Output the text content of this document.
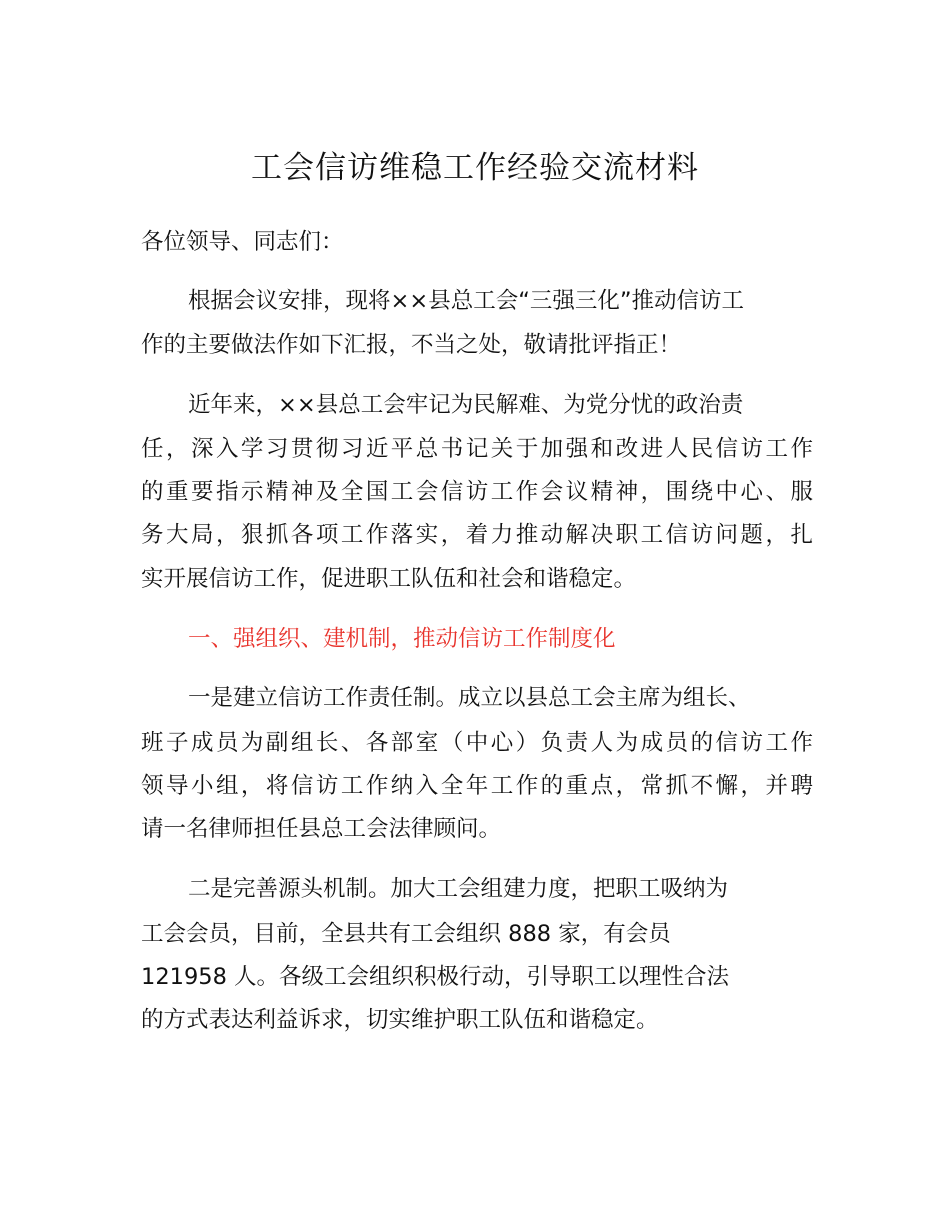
工会信访维稳工作经验交流材料
各位领导、同志们：
根据会议安排，现将××县总工会“三强三化”推动信访工
作的主要做法作如下汇报，不当之处，敬请批评指正！
近年来，××县总工会牢记为民解难、为党分忧的政治责
任，深入学习贯彻习近平总书记关于加强和改进人民信访工作
的重要指示精神及全国工会信访工作会议精神，围绕中心、服
务大局，狠抓各项工作落实，着力推动解决职工信访问题，扎
实开展信访工作，促进职工队伍和社会和谐稳定。
一、强组织、建机制，推动信访工作制度化
一是建立信访工作责任制。成立以县总工会主席为组长、
班子成员为副组长、各部室（中心）负责人为成员的信访工作
领导小组，将信访工作纳入全年工作的重点，常抓不懈，并聘
请一名律师担任县总工会法律顾问。
二是完善源头机制。加大工会组建力度，把职工吸纳为
工会会员，目前，全县共有工会组织 888 家，有会员
121958 人。各级工会组织积极行动，引导职工以理性合法
的方式表达利益诉求，切实维护职工队伍和谐稳定。
